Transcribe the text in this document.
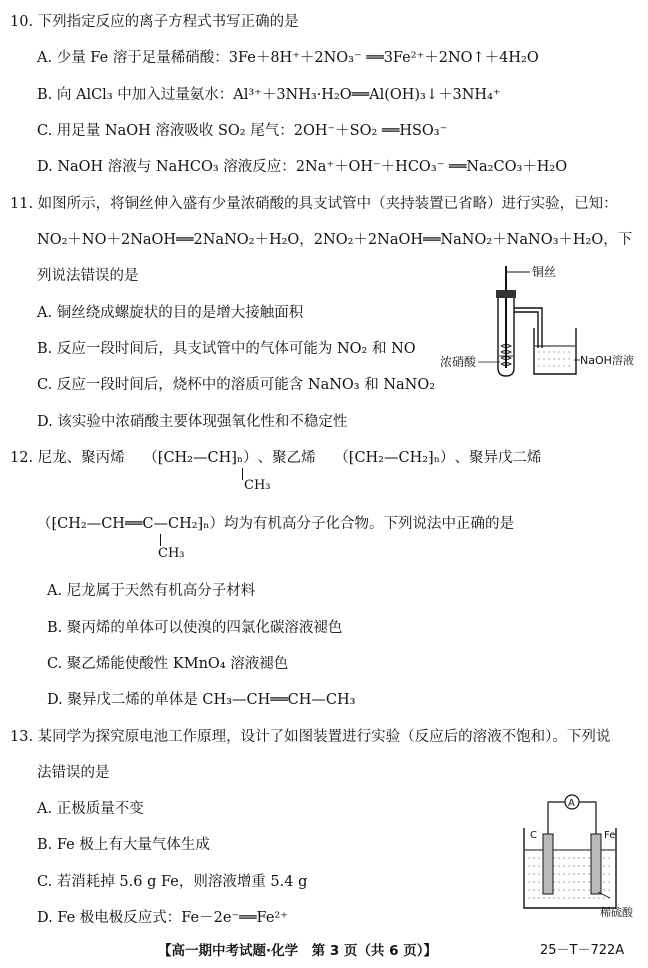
10. 下列指定反应的离子方程式书写正确的是
A. 少量 Fe 溶于足量稀硝酸：3Fe＋8H⁺＋2NO₃⁻ ══3Fe²⁺＋2NO↑＋4H₂O
B. 向 AlCl₃ 中加入过量氨水：Al³⁺＋3NH₃·H₂O══Al(OH)₃↓＋3NH₄⁺
C. 用足量 NaOH 溶液吸收 SO₂ 尾气：2OH⁻＋SO₂ ══HSO₃⁻
D. NaOH 溶液与 NaHCO₃ 溶液反应：2Na⁺＋OH⁻＋HCO₃⁻ ══Na₂CO₃＋H₂O
11. 如图所示，将铜丝伸入盛有少量浓硝酸的具支试管中（夹持装置已省略）进行实验，已知：
NO₂＋NO＋2NaOH══2NaNO₂＋H₂O，2NO₂＋2NaOH══NaNO₂＋NaNO₃＋H₂O，下
列说法错误的是
A. 铜丝绕成螺旋状的目的是增大接触面积
B. 反应一段时间后，具支试管中的气体可能为 NO₂ 和 NO
C. 反应一段时间后，烧杯中的溶质可能含 NaNO₃ 和 NaNO₂
D. 该实验中浓硝酸主要体现强氧化性和不稳定性
铜丝
浓硝酸	NaOH溶液
12. 尼龙、聚丙烯 （⁅CH₂—CH⁆ₙ）、聚乙烯 （⁅CH₂—CH₂⁆ₙ）、聚异戊二烯
CH₃
（⁅CH₂—CH══C—CH₂⁆ₙ）均为有机高分子化合物。下列说法中正确的是
CH₃
A. 尼龙属于天然有机高分子材料
B. 聚丙烯的单体可以使溴的四氯化碳溶液褪色
C. 聚乙烯能使酸性 KMnO₄ 溶液褪色
D. 聚异戊二烯的单体是 CH₃—CH══CH—CH₃
13. 某同学为探究原电池工作原理，设计了如图装置进行实验（反应后的溶液不饱和）。下列说
法错误的是
A. 正极质量不变
B. Fe 极上有大量气体生成
C. 若消耗掉 5.6 g Fe，则溶液增重 5.4 g
D. Fe 极电极反应式：Fe－2e⁻══Fe²⁺
A
C	Fe
稀硫酸
【高一期中考试题·化学　第 3 页（共 6 页）】	25－T－722A
